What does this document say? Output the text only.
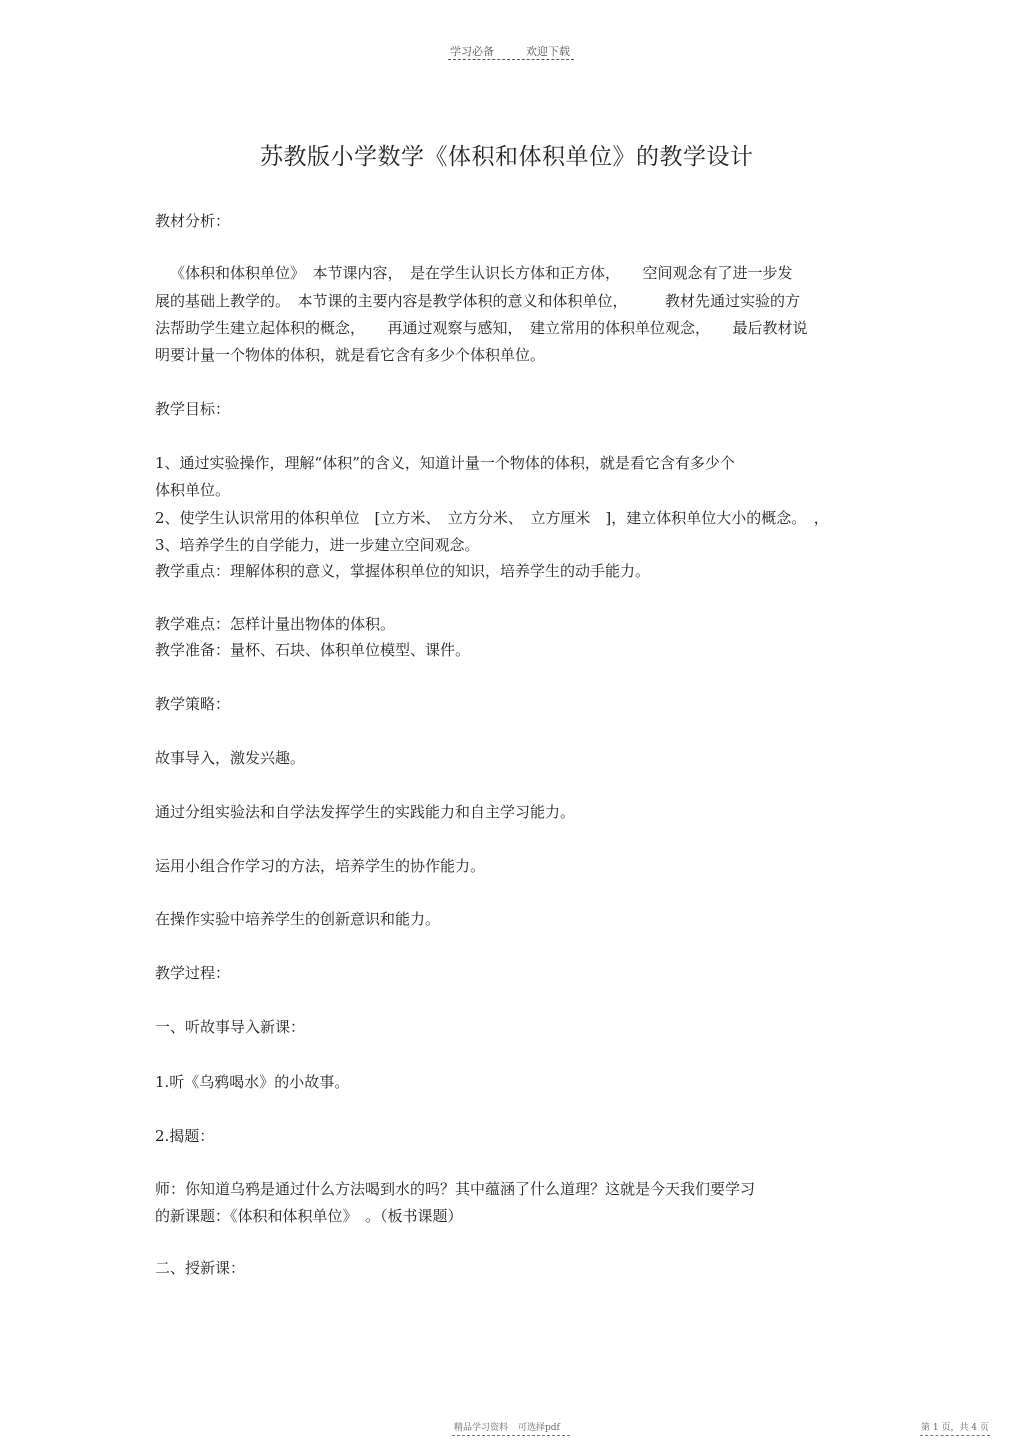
学习必备	欢迎下载
苏教版小学数学《体积和体积单位》的教学设计
教材分析：
《体积和体积单位》　本节课内容，　是在学生认识长方体和正方体，　　空间观念有了进一步发
展的基础上教学的。　本节课的主要内容是教学体积的意义和体积单位，　　　教材先通过实验的方
法帮助学生建立起体积的概念，　　再通过观察与感知，　建立常用的体积单位观念，　　最后教材说
明要计量一个物体的体积，就是看它含有多少个体积单位。
教学目标：
1、通过实验操作，理解“体积”的含义，知道计量一个物体的体积，就是看它含有多少个
体积单位。
2、使学生认识常用的体积单位　[立方米、　立方分米、　立方厘米　]，建立体积单位大小的概念。　，
3、培养学生的自学能力，进一步建立空间观念。
教学重点：理解体积的意义，掌握体积单位的知识，培养学生的动手能力。
教学难点：怎样计量出物体的体积。
教学准备：量杯、石块、体积单位模型、课件。
教学策略：
故事导入，激发兴趣。
通过分组实验法和自学法发挥学生的实践能力和自主学习能力。
运用小组合作学习的方法，培养学生的协作能力。
在操作实验中培养学生的创新意识和能力。
教学过程：
一、听故事导入新课：
1.听《乌鸦喝水》的小故事。
2.揭题：
师：你知道乌鸦是通过什么方法喝到水的吗？其中蕴涵了什么道理？这就是今天我们要学习
的新课题：《体积和体积单位》　。（板书课题）
二、授新课：
精品学习资料 可选择pdf	第 1 页，共 4 页
